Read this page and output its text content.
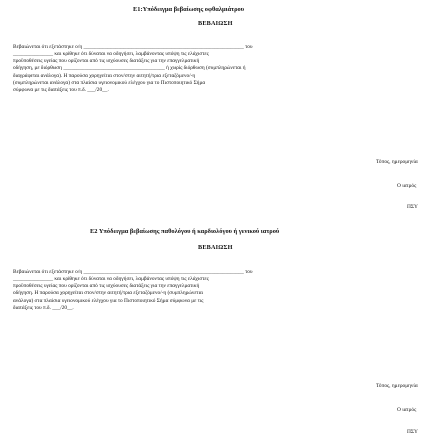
Ε1:Υπόδειγμα βεβαίωσης οφθαλμιάτρου
ΒΕΒΑΙΩΣΗ
Βεβαιώνεται ότι εξετάστηκε ο/η ____________________________________________________________ του
_______________ και κρίθηκε ότι δύναται να οδηγήσει, λαμβάνοντας υπόψη τις ελάχιστες
προϋποθέσεις υγείας που ορίζονται από τις ισχύουσες διατάξεις για την επαγγελματική
οδήγηση, με διόρθωση ______________________________________ ή χωρίς διόρθωση (συμπληρώνεται ή
διαγράφεται ανάλογα). Η παρούσα χορηγείται στον/στην αιτητή/τρια εξεταζόμενο/-η
(συμπληρώνεται ανάλογα) στα πλαίσια υγειονομικού ελέγχου για το Πιστοποιητικό Σήμα
σύμφωνα με τις διατάξεις του π.δ. ___/20__.
Τόπος, ημερομηνία
Ο ιατρός
ΠΣΥ
Ε2 Υπόδειγμα βεβαίωσης παθολόγου ή καρδιολόγου ή γενικού ιατρού
ΒΕΒΑΙΩΣΗ
Βεβαιώνεται ότι εξετάστηκε ο/η ____________________________________________________________ του
_______________ και κρίθηκε ότι δύναται να οδηγήσει, λαμβάνοντας υπόψη τις ελάχιστες
προϋποθέσεις υγείας που ορίζονται από τις ισχύουσες διατάξεις για την επαγγελματική
οδήγηση. Η παρούσα χορηγείται στον/στην αιτητή/τρια εξεταζόμενο/-η (συμπληρώνεται
ανάλογα) στα πλαίσια υγειονομικού ελέγχου για το Πιστοποιητικό Σήμα σύμφωνα με τις
διατάξεις του π.δ. ___/20__.
Τόπος, ημερομηνία
Ο ιατρός
ΠΣΥ
